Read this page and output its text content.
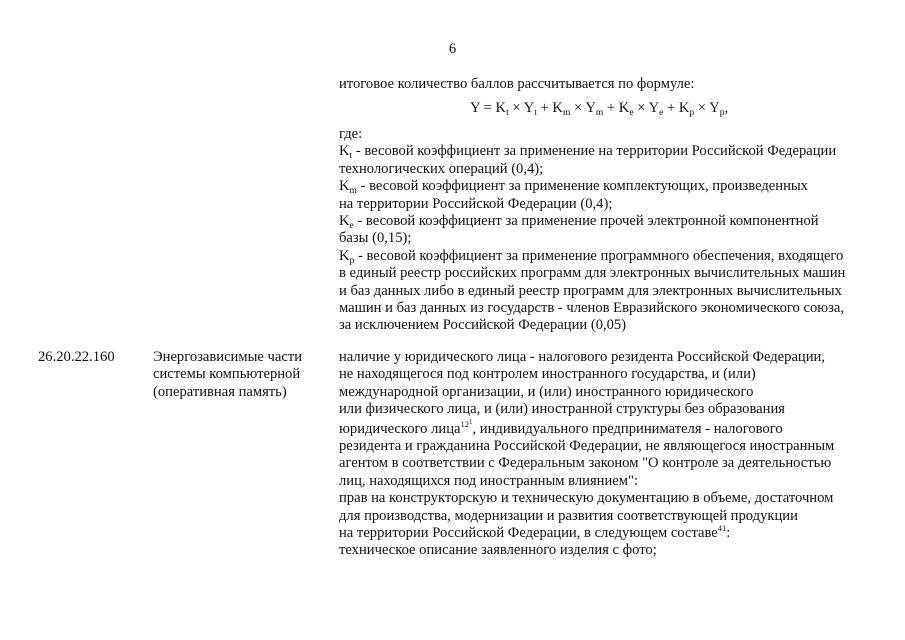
6

итоговое количество баллов рассчитывается по формуле:

$Y = K_t \times Y_t + K_m \times Y_m + K_e \times Y_e + K_p \times Y_p$,

где:

$K_t$ - весовой коэффициент за применение на территории Российской Федерации

технологических операций (0,4);

$K_m$ - весовой коэффициент за применение комплектующих, произведенных

на территории Российской Федерации (0,4);

$K_e$ - весовой коэффициент за применение прочей электронной компонентной

базы (0,15);

$K_p$ - весовой коэффициент за применение программного обеспечения, входящего

в единый реестр российских программ для электронных вычислительных машин

и баз данных либо в единый реестр программ для электронных вычислительных

машин и баз данных из государств - членов Евразийского экономического союза,

за исключением Российской Федерации (0,05)

26.20.22.160	Энергозависимые части

системы компьютерной

(оперативная память)

наличие у юридического лица - налогового резидента Российской Федерации,

не находящегося под контролем иностранного государства, и (или)

международной организации, и (или) иностранного юридического

или физического лица, и (или) иностранной структуры без образования

юридического лица$^{12^1}$, индивидуального предпринимателя - налогового

резидента и гражданина Российской Федерации, не являющегося иностранным

агентом в соответствии с Федеральным законом "О контроле за деятельностью

лиц, находящихся под иностранным влиянием":

прав на конструкторскую и техническую документацию в объеме, достаточном

для производства, модернизации и развития соответствующей продукции

на территории Российской Федерации, в следующем составе$^{41}$:

техническое описание заявленного изделия с фото;
